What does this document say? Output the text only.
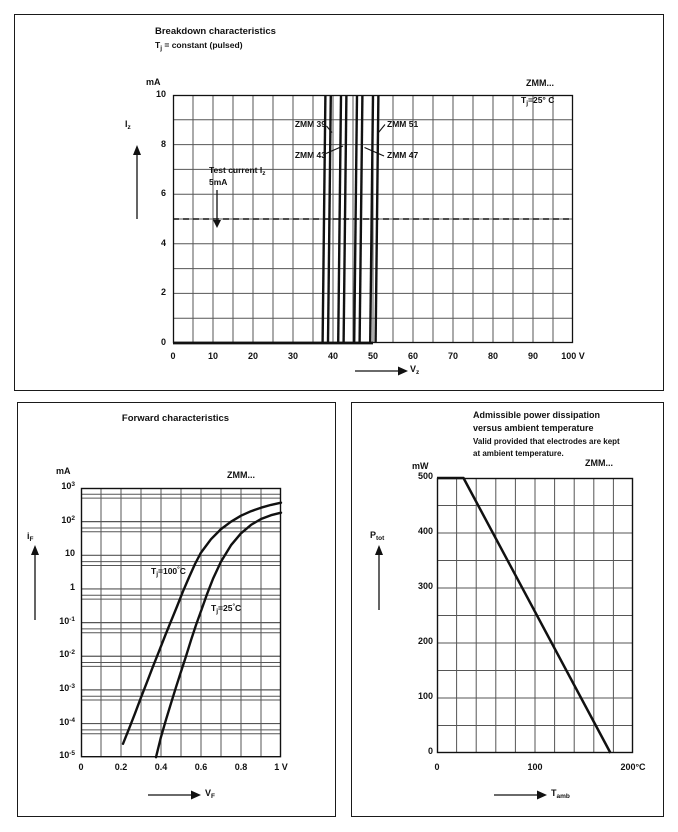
Breakdown characteristics
$T_j$ = constant (pulsed)
mA
$I_z$
ZMM...
$T_j=25^\circ$ C
Test current $I_z$
5mA
ZMM 39
ZMM 43
ZMM 51
ZMM 47
$V_z$
Forward characteristics
mA
$i_F$
ZMM...
$T_j=100^\circ C$
$T_j=25^\circ C$
$V_F$
Admissible power dissipation
versus ambient temperature
Valid provided that electrodes are kept
at ambient temperature.
mW
$P_{tot}$
ZMM...
$T_{amb}$
10
8
6
4
2
0
0	10	20	30	40	50	60	70	80	90	100 V
$10^3$
$10^2$
10
1
$10^{-1}$
$10^{-2}$
$10^{-3}$
$10^{-4}$
$10^{-5}$
0	0.2	0.4	0.6	0.8	1 V
500
400
300
200
100
0
0	100	200°C
